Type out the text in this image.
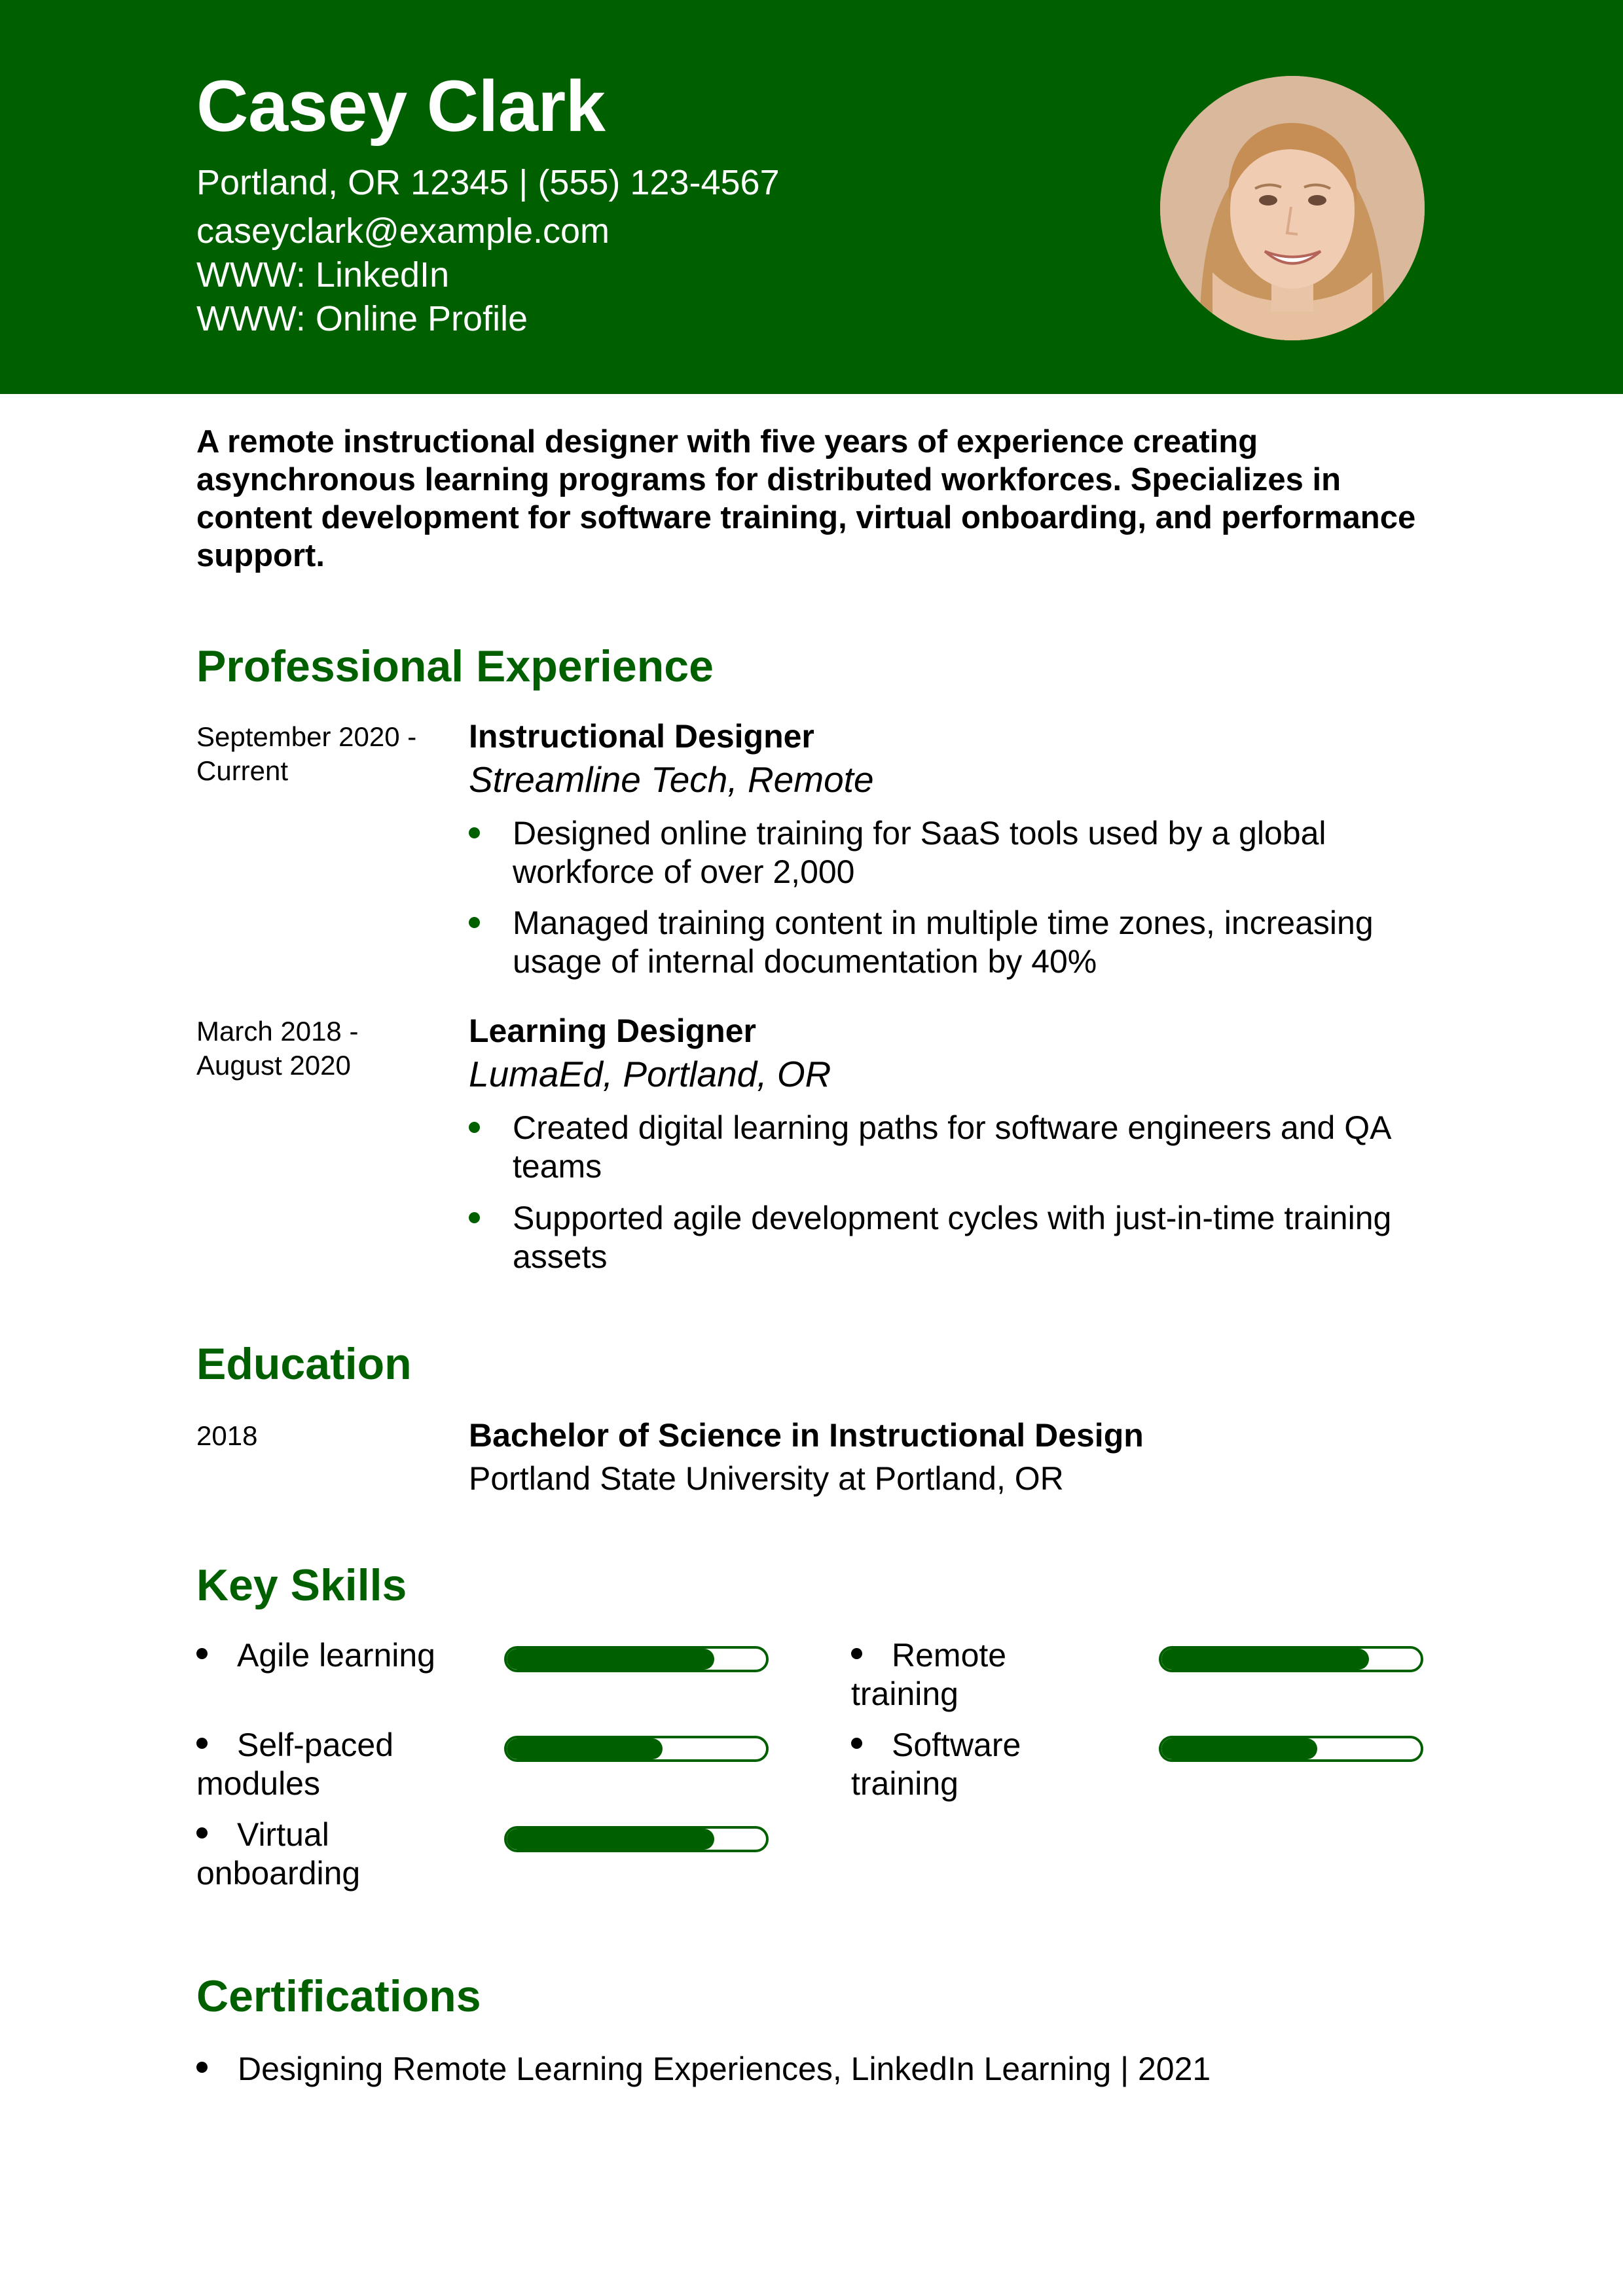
Casey Clark
Portland, OR 12345 | (555) 123-4567
caseyclark@example.com
WWW: LinkedIn
WWW: Online Profile
A remote instructional designer with five years of experience creating asynchronous learning programs for distributed workforces. Specializes in content development for software training, virtual onboarding, and performance support.
Professional Experience
September 2020 -
Current
Instructional Designer
Streamline Tech, Remote
Designed online training for SaaS tools used by a global workforce of over 2,000
Managed training content in multiple time zones, increasing usage of internal documentation by 40%
March 2018 -
August 2020
Learning Designer
LumaEd, Portland, OR
Created digital learning paths for software engineers and QA teams
Supported agile development cycles with just-in-time training assets
Education
2018	Bachelor of Science in Instructional Design
Portland State University at Portland, OR
Key Skills
Agile learning	Remote
training
Self-paced
modules
Software
training
Virtual
onboarding
Certifications
Designing Remote Learning Experiences, LinkedIn Learning | 2021
